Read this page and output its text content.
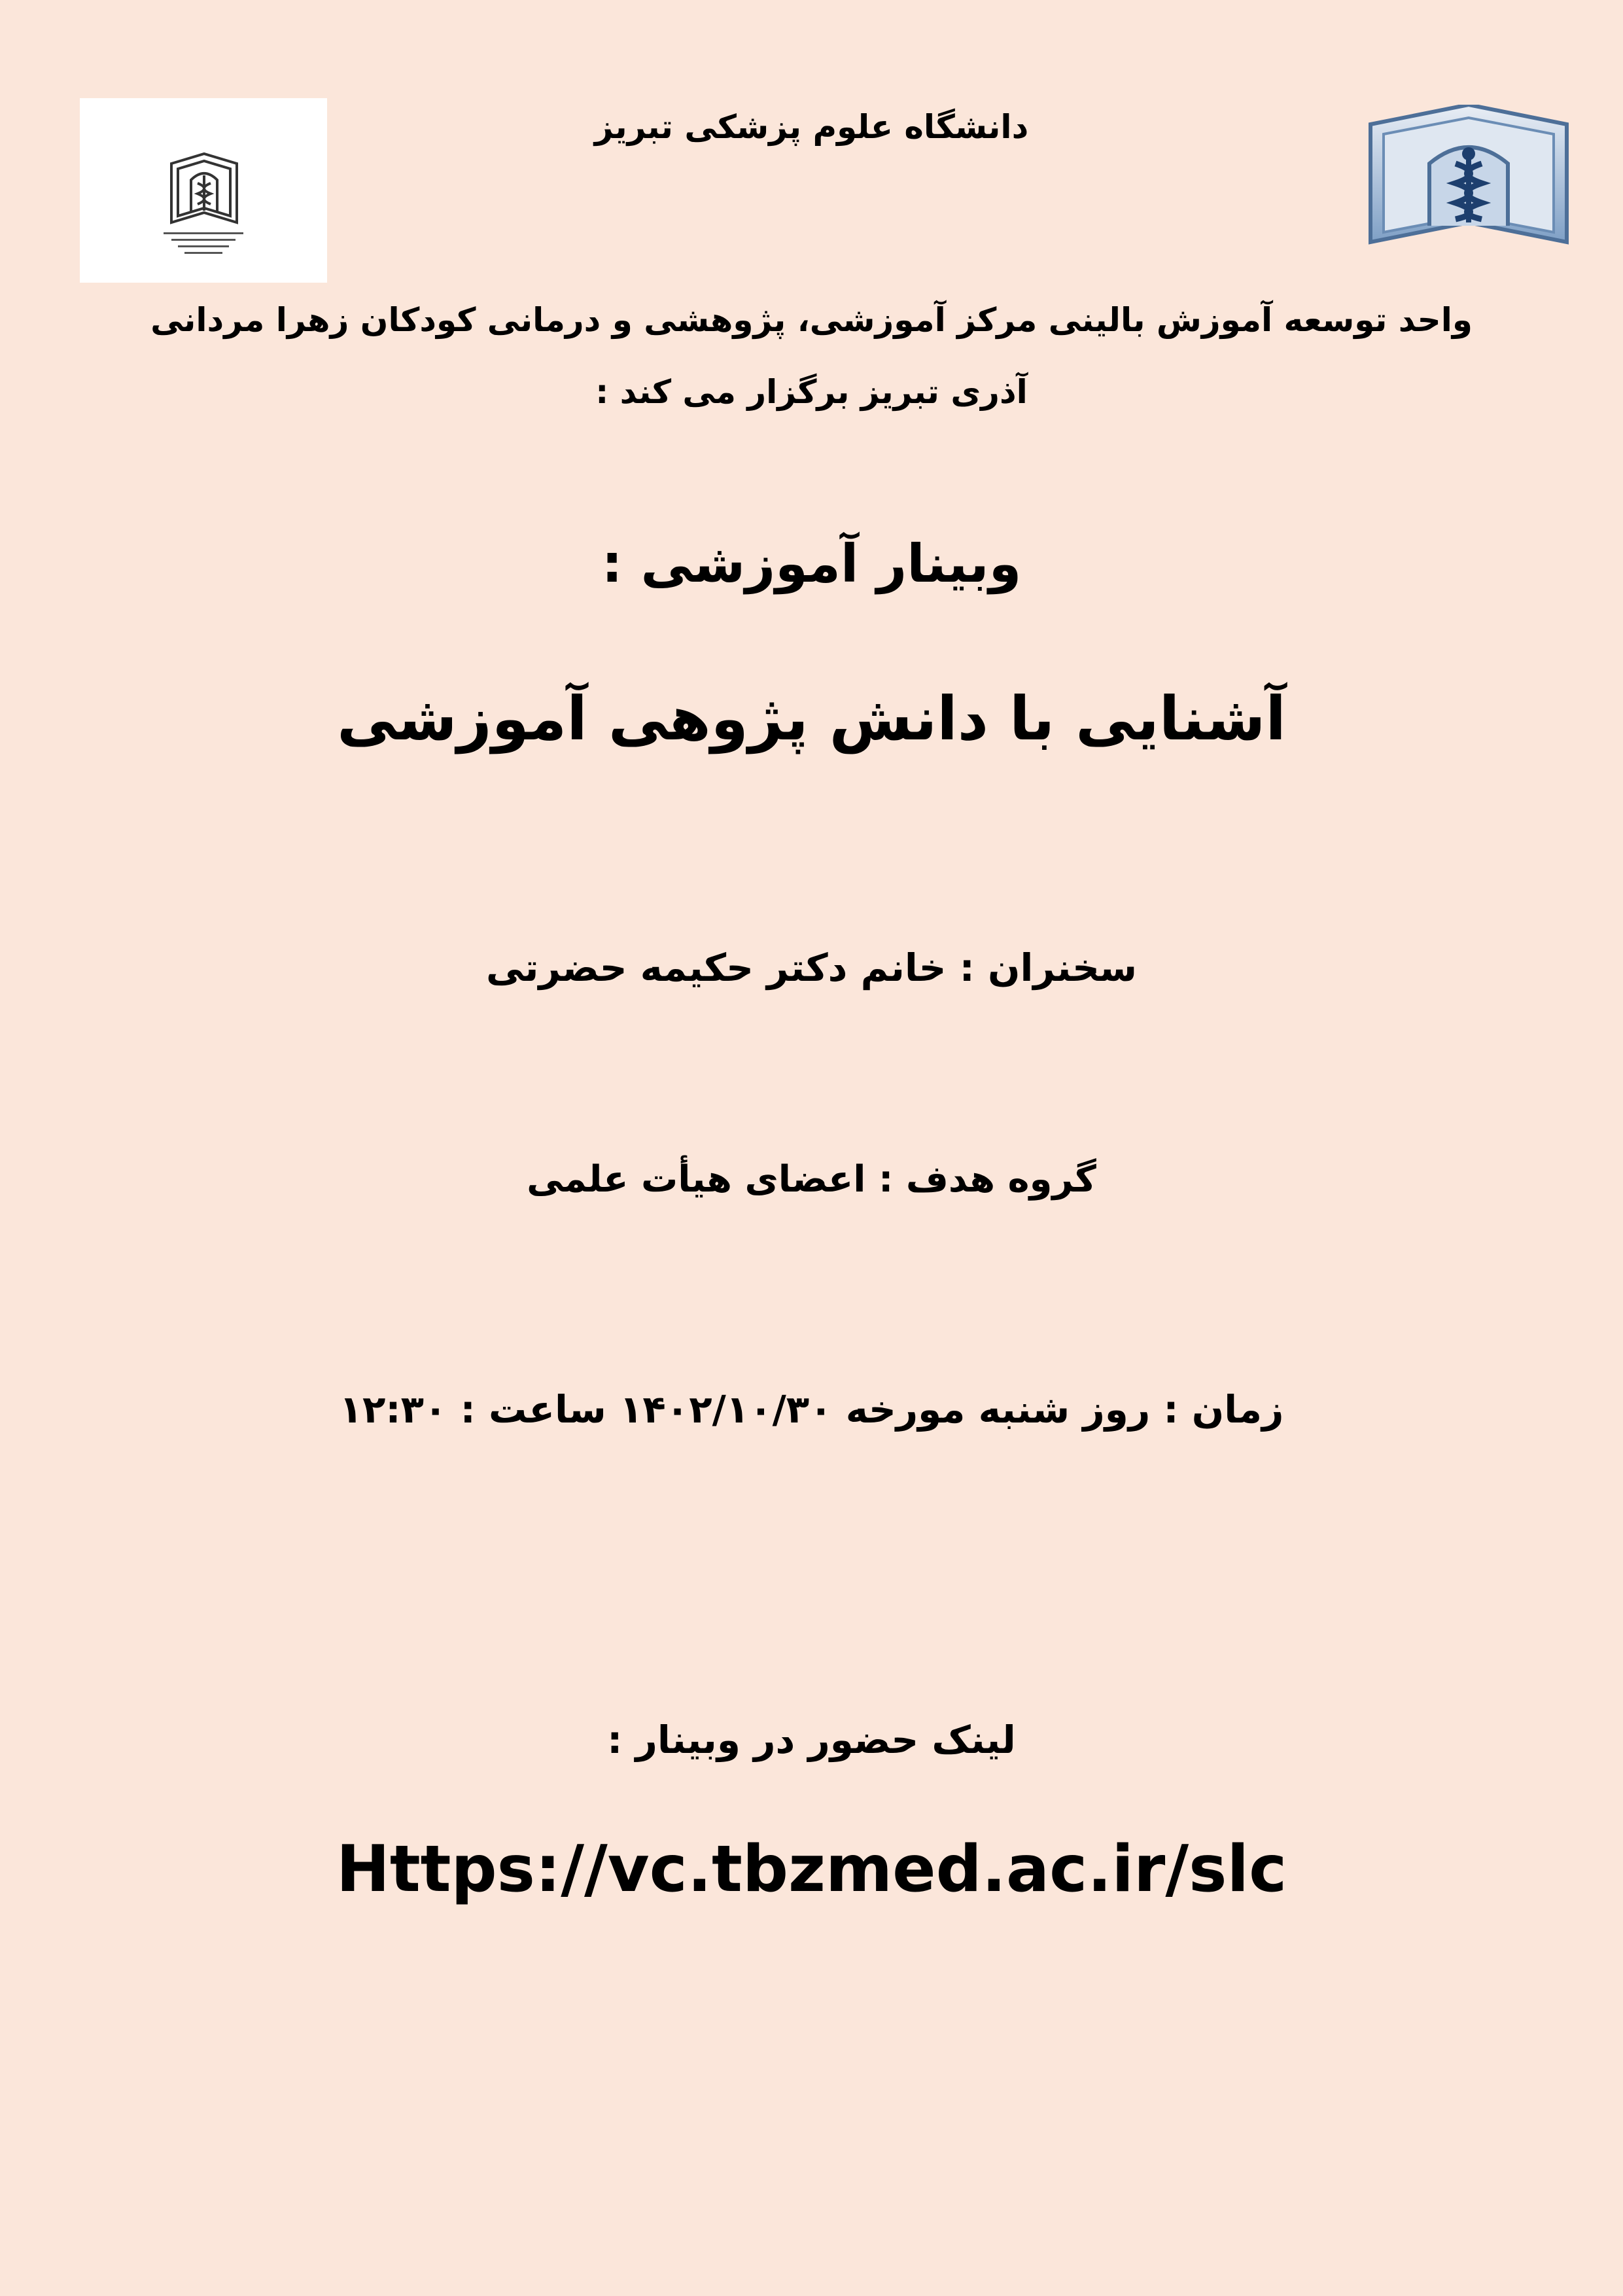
دانشگاه علوم پزشکی تبریز
واحد توسعه آموزش بالینی مرکز آموزشی، پژوهشی و درمانی کودکان زهرا مردانی
آذری تبریز برگزار می کند :
وبینار آموزشی :
آشنایی با دانش پژوهی آموزشی
سخنران : خانم دکتر حکیمه حضرتی
گروه هدف : اعضای هیأت علمی
زمان : روز شنبه مورخه ۱۴۰۲/۱۰/۳۰ ساعت : ۱۲:۳۰
لینک حضور در وبینار :
Https://vc.tbzmed.ac.ir/slc
